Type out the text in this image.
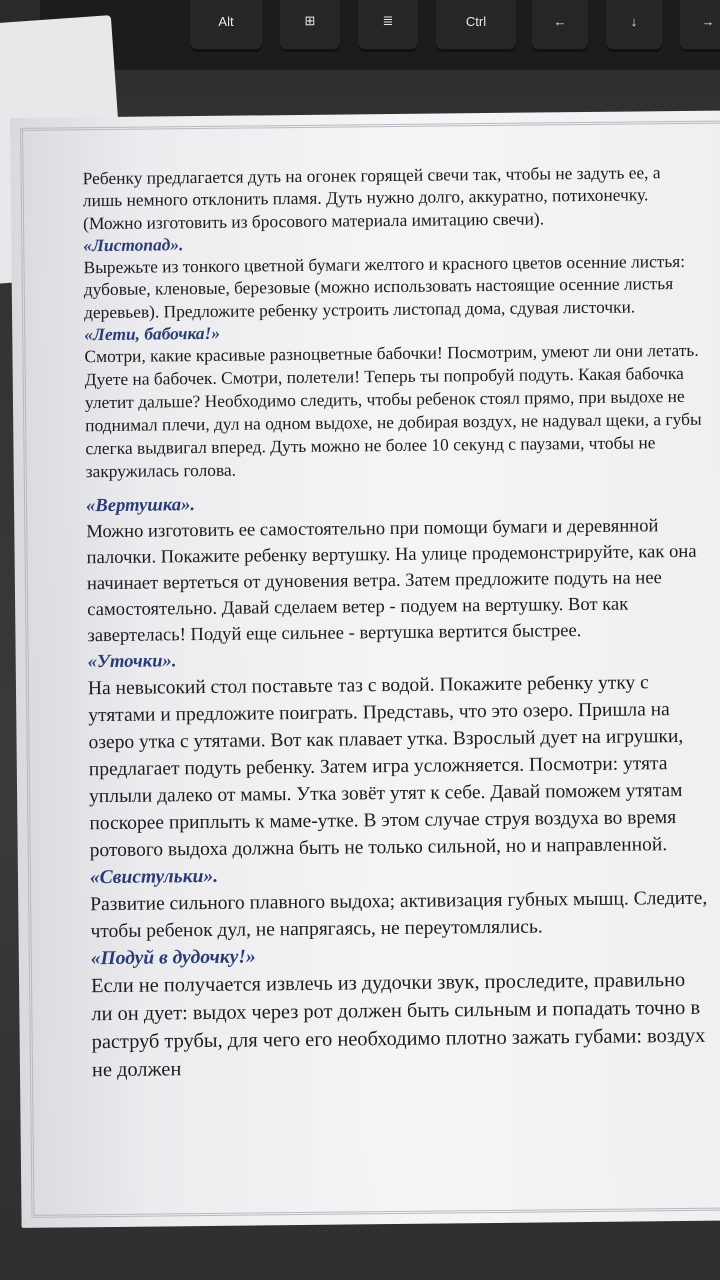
Alt	⊞	≣	Ctrl	←	↓	→

Ребенку предлагается дуть на огонек горящей свечи так, чтобы не задуть ее, а лишь немного отклонить пламя. Дуть нужно долго, аккуратно, потихонечку. (Можно изготовить из бросового материала имитацию свечи).

«Листопад».

Вырежьте из тонкого цветной бумаги желтого и красного цветов осенние листья: дубовые, кленовые, березовые (можно использовать настоящие осенние листья деревьев). Предложите ребенку устроить листопад дома, сдувая листочки.

«Лети, бабочка!»

Смотри, какие красивые разноцветные бабочки! Посмотрим, умеют ли они летать. Дуете на бабочек. Смотри, полетели! Теперь ты попробуй подуть. Какая бабочка улетит дальше? Необходимо следить, чтобы ребенок стоял прямо, при выдохе не поднимал плечи, дул на одном выдохе, не добирая воздух, не надувал щеки, а губы слегка выдвигал вперед. Дуть можно не более 10 секунд с паузами, чтобы не закружилась голова.

«Вертушка».

Можно изготовить ее самостоятельно при помощи бумаги и деревянной палочки. Покажите ребенку вертушку. На улице продемонстрируйте, как она начинает вертеться от дуновения ветра. Затем предложите подуть на нее самостоятельно. Давай сделаем ветер - подуем на вертушку. Вот как завертелась! Подуй еще сильнее - вертушка вертится быстрее.

«Уточки».

На невысокий стол поставьте таз с водой. Покажите ребенку утку с утятами и предложите поиграть. Представь, что это озеро. Пришла на озеро утка с утятами. Вот как плавает утка. Взрослый дует на игрушки, предлагает подуть ребенку. Затем игра усложняется. Посмотри: утята уплыли далеко от мамы. Утка зовёт утят к себе. Давай поможем утятам поскорее приплыть к маме-утке. В этом случае струя воздуха во время ротового выдоха должна быть не только сильной, но и направленной.

«Свистульки».

Развитие сильного плавного выдоха; активизация губных мышц. Следите, чтобы ребенок дул, не напрягаясь, не переутомлялись.

«Подуй в дудочку!»

Если не получается извлечь из дудочки звук, проследите, правильно ли он дует: выдох через рот должен быть сильным и попадать точно в раструб трубы, для чего его необходимо плотно зажать губами: воздух не должен
